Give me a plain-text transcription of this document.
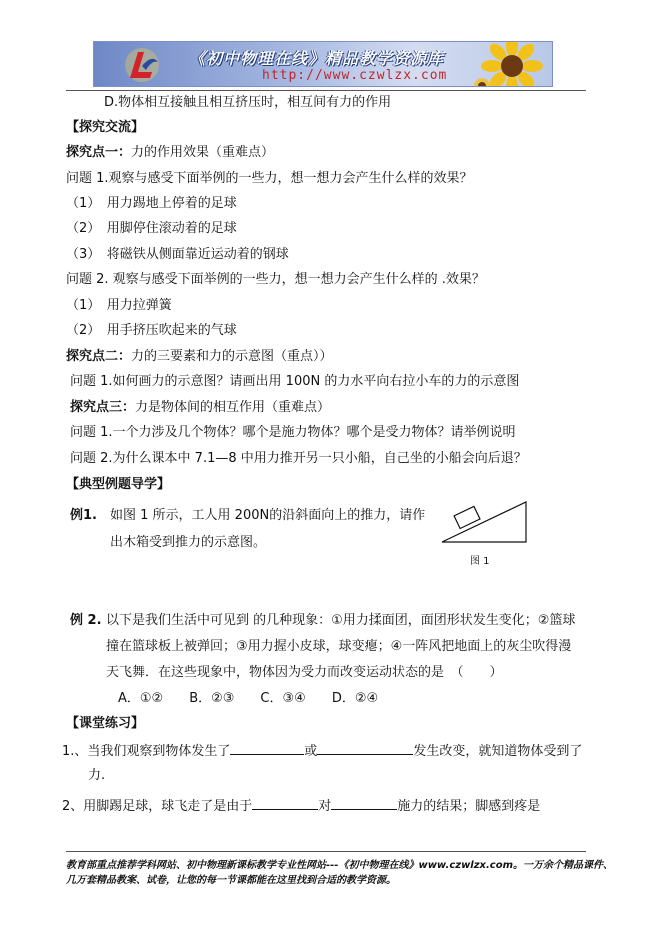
《初中物理在线》精品教学资源库
http://www.czwlzx.com
D.物体相互接触且相互挤压时，相互间有力的作用
【探究交流】
探究点一：力的作用效果（重难点）
问题 1.观察与感受下面举例的一些力，想一想力会产生什么样的效果？
（1）　用力踢地上停着的足球
（2）　用脚停住滚动着的足球
（3）　将磁铁从侧面靠近运动着的钢球
问题 2. 观察与感受下面举例的一些力，想一想力会产生什么样的 .效果？
（1）　用力拉弹簧
（2）　用手挤压吹起来的气球
探究点二：力的三要素和力的示意图（重点））
问题 1.如何画力的示意图？请画出用 100N 的力水平向右拉小车的力的示意图
探究点三：力是物体间的相互作用（重难点）
问题 1.一个力涉及几个物体？哪个是施力物体？哪个是受力物体？请举例说明
问题 2.为什么课本中 7.1—8 中用力推开另一只小船，自己坐的小船会向后退？
【典型例题导学】
例1. 如图 1 所示，工人用 200N的沿斜面向上的推力，请作
出木箱受到推力的示意图。
图 1
例 2. 以下是我们生活中可见到 的几种现象：①用力揉面团，面团形状发生变化；②篮球
撞在篮球板上被弹回；③用力握小皮球，球变瘪；④一阵风把地面上的灰尘吹得漫
天飞舞．在这些现象中，物体因为受力而改变运动状态的是　（　　）
A．①②　　B．②③　　C．③④　　D．②④
【课堂练习】
1.、当我们观察到物体发生了	或	发生改变，就知道物体受到了
力.
2、用脚踢足球，球飞走了是由于	对	施力的结果；脚感到疼是
教育部重点推荐学科网站、初中物理新课标教学专业性网站---《初中物理在线》www.czwlzx.com。一万余个精品课件、
几万套精品教案、试卷，让您的每一节课都能在这里找到合适的教学资源。
